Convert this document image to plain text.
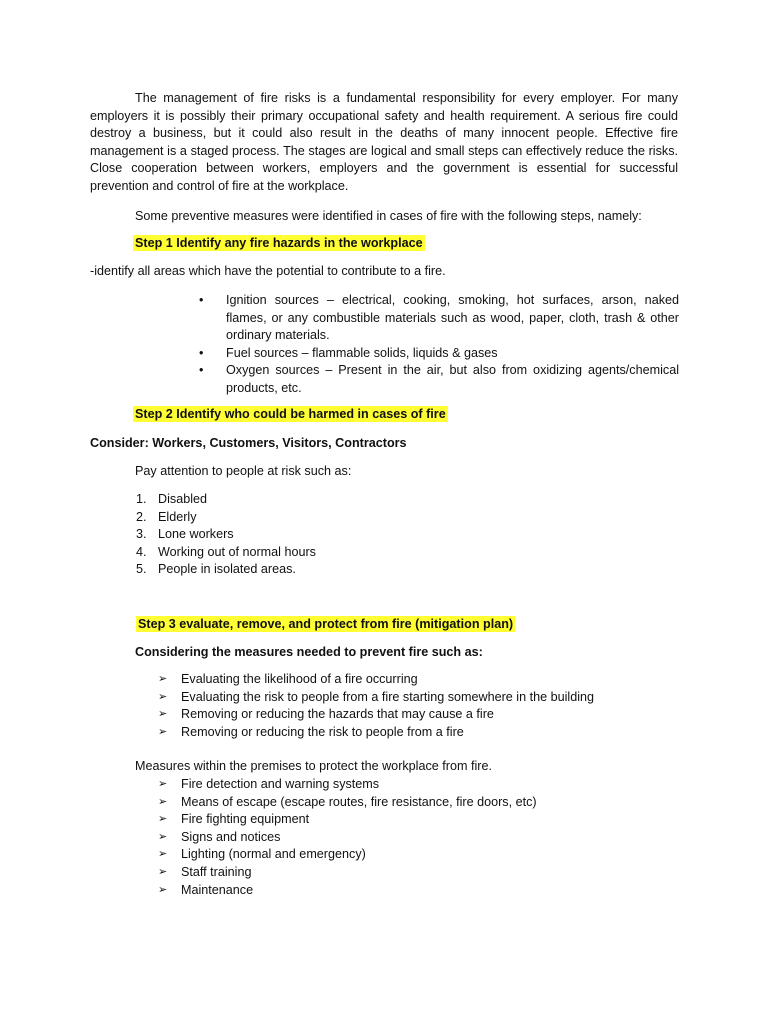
The management of fire risks is a fundamental responsibility for every employer. For many employers it is possibly their primary occupational safety and health requirement. A serious fire could destroy a business, but it could also result in the deaths of many innocent people. Effective fire management is a staged process. The stages are logical and small steps can effectively reduce the risks. Close cooperation between workers, employers and the government is essential for successful prevention and control of fire at the workplace.

Some preventive measures were identified in cases of fire with the following steps, namely:

Step 1 Identify any fire hazards in the workplace

-identify all areas which have the potential to contribute to a fire.

• Ignition sources – electrical, cooking, smoking, hot surfaces, arson, naked flames, or any combustible materials such as wood, paper, cloth, trash & other ordinary materials.
• Fuel sources – flammable solids, liquids & gases
• Oxygen sources – Present in the air, but also from oxidizing agents/chemical products, etc.

Step 2 Identify who could be harmed in cases of fire

Consider: Workers, Customers, Visitors, Contractors

Pay attention to people at risk such as:

1. Disabled
2. Elderly
3. Lone workers
4. Working out of normal hours
5. People in isolated areas.

Step 3 evaluate, remove, and protect from fire (mitigation plan)

Considering the measures needed to prevent fire such as:

➢ Evaluating the likelihood of a fire occurring
➢ Evaluating the risk to people from a fire starting somewhere in the building
➢ Removing or reducing the hazards that may cause a fire
➢ Removing or reducing the risk to people from a fire

Measures within the premises to protect the workplace from fire.

➢ Fire detection and warning systems
➢ Means of escape (escape routes, fire resistance, fire doors, etc)
➢ Fire fighting equipment
➢ Signs and notices
➢ Lighting (normal and emergency)
➢ Staff training
➢ Maintenance
